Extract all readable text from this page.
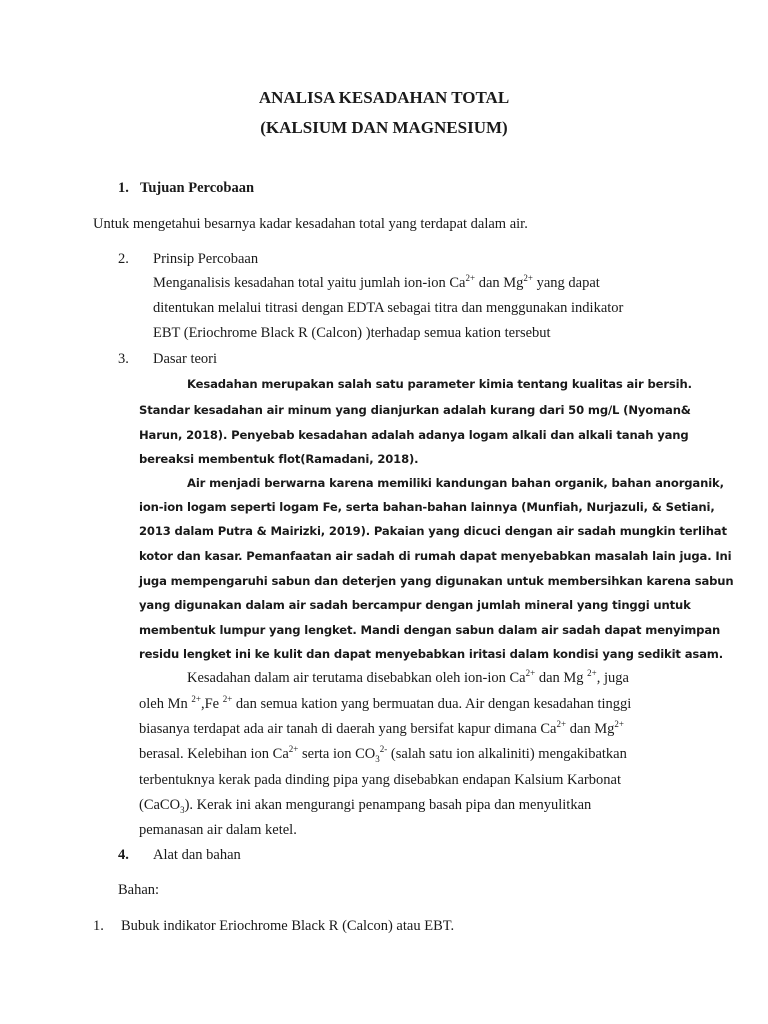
ANALISA KESADAHAN TOTAL
(KALSIUM DAN MAGNESIUM)
1. Tujuan Percobaan
Untuk mengetahui besarnya kadar kesadahan total yang terdapat dalam air.
2. Prinsip Percobaan
Menganalisis kesadahan total yaitu jumlah ion-ion $Ca^{2+}$ dan $Mg^{2+}$ yang dapat
ditentukan melalui titrasi dengan EDTA sebagai titra dan menggunakan indikator
EBT (Eriochrome Black R (Calcon) )terhadap semua kation tersebut
3. Dasar teori
Kesadahan merupakan salah satu parameter kimia tentang kualitas air bersih.
Standar kesadahan air minum yang dianjurkan adalah kurang dari 50 mg/L (Nyoman&
Harun, 2018). Penyebab kesadahan adalah adanya logam alkali dan alkali tanah yang
bereaksi membentuk flot(Ramadani, 2018).
Air menjadi berwarna karena memiliki kandungan bahan organik, bahan anorganik,
ion-ion logam seperti logam Fe, serta bahan-bahan lainnya (Munfiah, Nurjazuli, & Setiani,
2013 dalam Putra & Mairizki, 2019). Pakaian yang dicuci dengan air sadah mungkin terlihat
kotor dan kasar. Pemanfaatan air sadah di rumah dapat menyebabkan masalah lain juga. Ini
juga mempengaruhi sabun dan deterjen yang digunakan untuk membersihkan karena sabun
yang digunakan dalam air sadah bercampur dengan jumlah mineral yang tinggi untuk
membentuk lumpur yang lengket. Mandi dengan sabun dalam air sadah dapat menyimpan
residu lengket ini ke kulit dan dapat menyebabkan iritasi dalam kondisi yang sedikit asam.
Kesadahan dalam air terutama disebabkan oleh ion-ion $Ca^{2+}$ dan Mg $^{2+}$, juga
oleh Mn $^{2+}$,Fe $^{2+}$ dan semua kation yang bermuatan dua. Air dengan kesadahan tinggi
biasanya terdapat ada air tanah di daerah yang bersifat kapur dimana $Ca^{2+}$ dan $Mg^{2+}$
berasal. Kelebihan ion $Ca^{2+}$ serta ion $CO_3^{2-}$ (salah satu ion alkaliniti) mengakibatkan
terbentuknya kerak pada dinding pipa yang disebabkan endapan Kalsium Karbonat
(CaCO$_3$). Kerak ini akan mengurangi penampang basah pipa dan menyulitkan
pemanasan air dalam ketel.
4. Alat dan bahan
Bahan:
1. Bubuk indikator Eriochrome Black R (Calcon) atau EBT.
